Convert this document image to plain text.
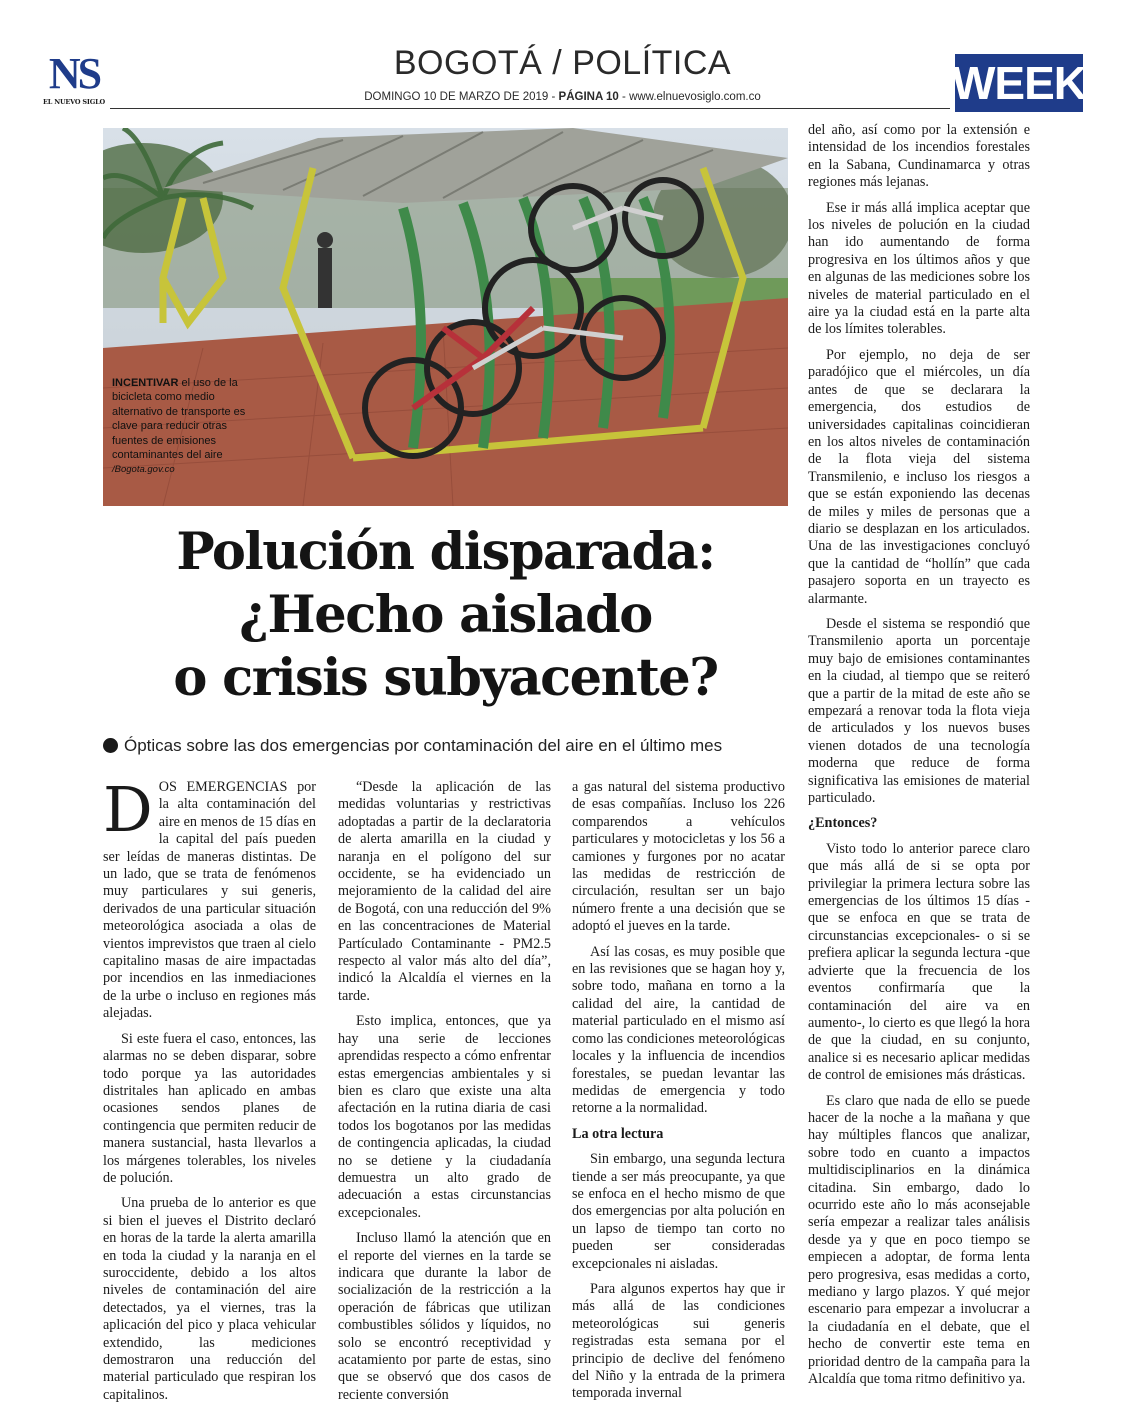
NS
EL NUEVO SIGLO
BOGOTÁ / POLÍTICA
DOMINGO 10 DE MARZO DE 2019 - PÁGINA 10 - www.elnuevosiglo.com.co	WEEK
INCENTIVAR el uso de la bicicleta como medio alternativo de transporte es clave para reducir otras fuentes de emisiones contaminantes del aire
/Bogota.gov.co
Polución disparada:
¿Hecho aislado
o crisis subyacente?
Ópticas sobre las dos emergencias por contaminación del aire en el último mes

DOS EMERGENCIAS por la alta contaminación del aire en menos de 15 días en la capital del país pueden ser leídas de maneras distintas. De un lado, que se trata de fenómenos muy particulares y sui generis, derivados de una particular situación meteorológica asociada a olas de vientos imprevistos que traen al cielo capitalino masas de aire impactadas por incendios en las inmediaciones de la urbe o incluso en regiones más alejadas.

Si este fuera el caso, entonces, las alarmas no se deben disparar, sobre todo porque ya las autoridades distritales han aplicado en ambas ocasiones sendos planes de contingencia que permiten reducir de manera sustancial, hasta llevarlos a los márgenes tolerables, los niveles de polución.

Una prueba de lo anterior es que si bien el jueves el Distrito declaró en horas de la tarde la alerta amarilla en toda la ciudad y la naranja en el suroccidente, debido a los altos niveles de contaminación del aire detectados, ya el viernes, tras la aplicación del pico y placa vehicular extendido, las mediciones demostraron una reducción del material particulado que respiran los capitalinos.

“Desde la aplicación de las medidas voluntarias y restrictivas adoptadas a partir de la declaratoria de alerta amarilla en la ciudad y naranja en el polígono del sur occidente, se ha evidenciado un mejoramiento de la calidad del aire de Bogotá, con una reducción del 9% en las concentraciones de Material Partículado Contaminante - PM2.5 respecto al valor más alto del día”, indicó la Alcaldía el viernes en la tarde.

Esto implica, entonces, que ya hay una serie de lecciones aprendidas respecto a cómo enfrentar estas emergencias ambientales y si bien es claro que existe una alta afectación en la rutina diaria de casi todos los bogotanos por las medidas de contingencia aplicadas, la ciudad no se detiene y la ciudadanía demuestra un alto grado de adecuación a estas circunstancias excepcionales.

Incluso llamó la atención que en el reporte del viernes en la tarde se indicara que durante la labor de socialización de la restricción a la operación de fábricas que utilizan combustibles sólidos y líquidos, no solo se encontró receptividad y acatamiento por parte de estas, sino que se observó que dos casos de reciente conversión

a gas natural del sistema productivo de esas compañías. Incluso los 226 comparendos a vehículos particulares y motocicletas y los 56 a camiones y furgones por no acatar las medidas de restricción de circulación, resultan ser un bajo número frente a una decisión que se adoptó el jueves en la tarde.

Así las cosas, es muy posible que en las revisiones que se hagan hoy y, sobre todo, mañana en torno a la calidad del aire, la cantidad de material particulado en el mismo así como las condiciones meteorológicas locales y la influencia de incendios forestales, se puedan levantar las medidas de emergencia y todo retorne a la normalidad.

La otra lectura

Sin embargo, una segunda lectura tiende a ser más preocupante, ya que se enfoca en el hecho mismo de que dos emergencias por alta polución en un lapso de tiempo tan corto no pueden ser consideradas excepcionales ni aisladas.

Para algunos expertos hay que ir más allá de las condiciones meteorológicas sui generis registradas esta semana por el principio de declive del fenómeno del Niño y la entrada de la primera temporada invernal

del año, así como por la extensión e intensidad de los incendios forestales en la Sabana, Cundinamarca y otras regiones más lejanas.

Ese ir más allá implica aceptar que los niveles de polución en la ciudad han ido aumentando de forma progresiva en los últimos años y que en algunas de las mediciones sobre los niveles de material particulado en el aire ya la ciudad está en la parte alta de los límites tolerables.

Por ejemplo, no deja de ser paradójico que el miércoles, un día antes de que se declarara la emergencia, dos estudios de universidades capitalinas coincidieran en los altos niveles de contaminación de la flota vieja del sistema Transmilenio, e incluso los riesgos a que se están exponiendo las decenas de miles y miles de personas que a diario se desplazan en los articulados. Una de las investigaciones concluyó que la cantidad de “hollín” que cada pasajero soporta en un trayecto es alarmante.

Desde el sistema se respondió que Transmilenio aporta un porcentaje muy bajo de emisiones contaminantes en la ciudad, al tiempo que se reiteró que a partir de la mitad de este año se empezará a renovar toda la flota vieja de articulados y los nuevos buses vienen dotados de una tecnología moderna que reduce de forma significativa las emisiones de material particulado.

¿Entonces?

Visto todo lo anterior parece claro que más allá de si se opta por privilegiar la primera lectura sobre las emergencias de los últimos 15 días -que se enfoca en que se trata de circunstancias excepcionales- o si se prefiera aplicar la segunda lectura -que advierte que la frecuencia de los eventos confirmaría que la contaminación del aire va en aumento-, lo cierto es que llegó la hora de que la ciudad, en su conjunto, analice si es necesario aplicar medidas de control de emisiones más drásticas.

Es claro que nada de ello se puede hacer de la noche a la mañana y que hay múltiples flancos que analizar, sobre todo en cuanto a impactos multidisciplinarios en la dinámica citadina. Sin embargo, dado lo ocurrido este año lo más aconsejable sería empezar a realizar tales análisis desde ya y que en poco tiempo se empiecen a adoptar, de forma lenta pero progresiva, esas medidas a corto, mediano y largo plazos. Y qué mejor escenario para empezar a involucrar a la ciudadanía en el debate, que el hecho de convertir este tema en prioridad dentro de la campaña para la Alcaldía que toma ritmo definitivo ya.
